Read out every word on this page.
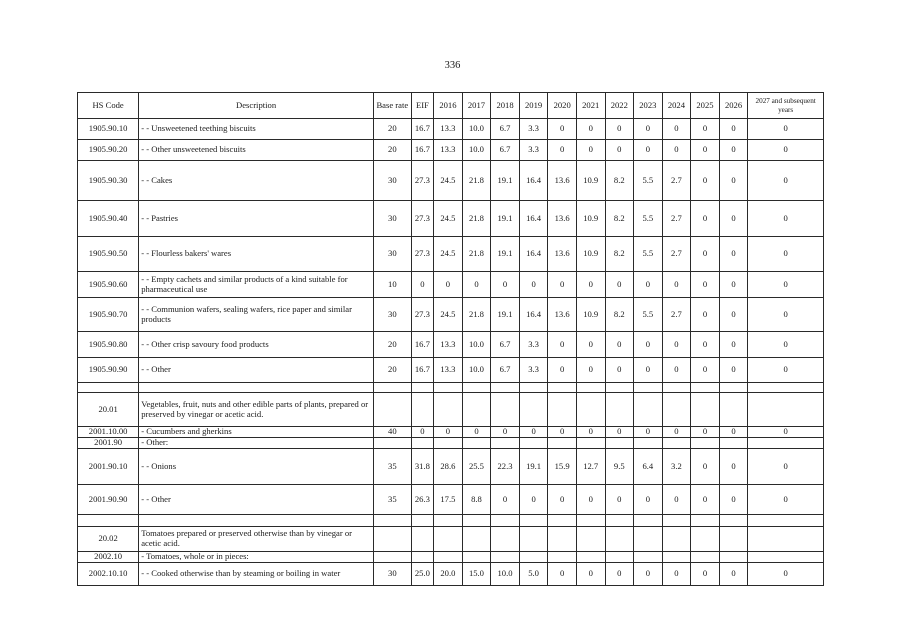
336
HS Code	Description	Base rate	EIF	2016	2017	2018	2019	2020	2021	2022	2023	2024	2025	2026	2027 and subsequent years
1905.90.10	- - Unsweetened teething biscuits	20	16.7	13.3	10.0	6.7	3.3	0	0	0	0	0	0	0	0
1905.90.20	- - Other unsweetened biscuits	20	16.7	13.3	10.0	6.7	3.3	0	0	0	0	0	0	0	0
1905.90.30	- - Cakes	30	27.3	24.5	21.8	19.1	16.4	13.6	10.9	8.2	5.5	2.7	0	0	0
1905.90.40	- - Pastries	30	27.3	24.5	21.8	19.1	16.4	13.6	10.9	8.2	5.5	2.7	0	0	0
1905.90.50	- - Flourless bakers' wares	30	27.3	24.5	21.8	19.1	16.4	13.6	10.9	8.2	5.5	2.7	0	0	0
1905.90.60	- - Empty cachets and similar products of a kind suitable for pharmaceutical use	10	0	0	0	0	0	0	0	0	0	0	0	0	0
1905.90.70	- - Communion wafers, sealing wafers, rice paper and similar products	30	27.3	24.5	21.8	19.1	16.4	13.6	10.9	8.2	5.5	2.7	0	0	0
1905.90.80	- - Other crisp savoury food products	20	16.7	13.3	10.0	6.7	3.3	0	0	0	0	0	0	0	0
1905.90.90	- - Other	20	16.7	13.3	10.0	6.7	3.3	0	0	0	0	0	0	0	0

20.01	Vegetables, fruit, nuts and other edible parts of plants, prepared or preserved by vinegar or acetic acid.														
2001.10.00	- Cucumbers and gherkins	40	0	0	0	0	0	0	0	0	0	0	0	0	0
2001.90	- Other:														
2001.90.10	- - Onions	35	31.8	28.6	25.5	22.3	19.1	15.9	12.7	9.5	6.4	3.2	0	0	0
2001.90.90	- - Other	35	26.3	17.5	8.8	0	0	0	0	0	0	0	0	0	0

20.02	Tomatoes prepared or preserved otherwise than by vinegar or acetic acid.														
2002.10	- Tomatoes, whole or in pieces:														
2002.10.10	- - Cooked otherwise than by steaming or boiling in water	30	25.0	20.0	15.0	10.0	5.0	0	0	0	0	0	0	0	0
